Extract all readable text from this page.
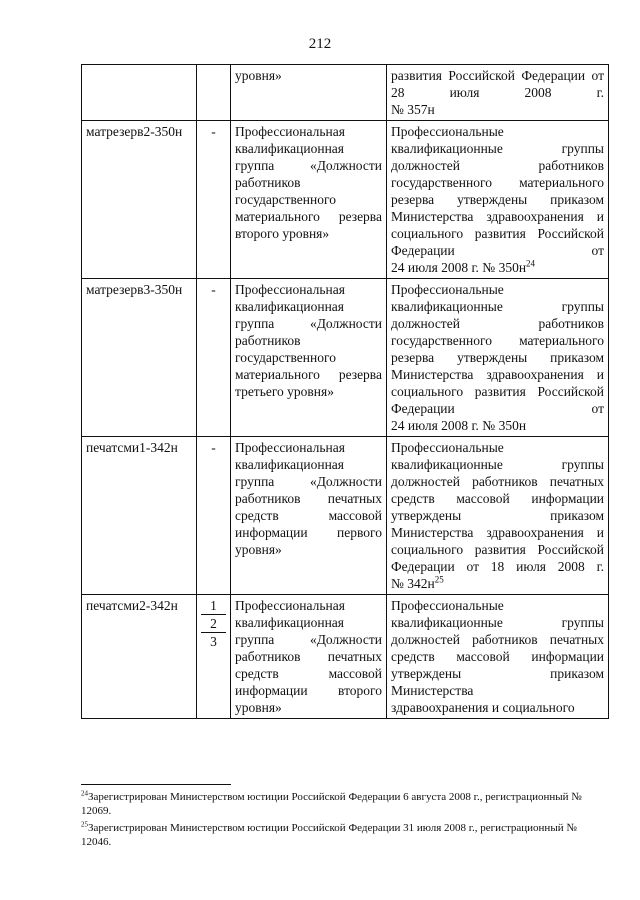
212

		уровня»	развития Российской Федерации от 28 июля 2008 г.
№ 357н

матрезерв2-350н	-	Профессиональная квалификационная группа «Должности работников государственного материального резерва
второго уровня»	Профессиональные квалификационные группы должностей работников государственного материального резерва утверждены приказом Министерства здравоохранения и социального развития Российской Федерации от
24 июля 2008 г. № $350н^{24}$

матрезерв3-350н	-	Профессиональная квалификационная группа «Должности работников государственного материального резерва
третьего уровня»	Профессиональные квалификационные группы должностей работников государственного материального резерва утверждены приказом Министерства здравоохранения и социального развития Российской Федерации от
24 июля 2008 г. № 350н

печатсми1-342н	-	Профессиональная квалификационная группа «Должности работников печатных средств массовой информации первого
уровня»	Профессиональные квалификационные группы должностей работников печатных средств массовой информации утверждены приказом Министерства здравоохранения и социального развития Российской Федерации от 18 июля 2008 г.
№ $342н^{25}$

печатсми2-342н	1
2
3	Профессиональная квалификационная группа «Должности работников печатных средств массовой информации второго
уровня»	Профессиональные квалификационные группы должностей работников печатных средств массовой информации утверждены приказом Министерства
здравоохранения и социального
$^{24}$Зарегистрирован Министерством юстиции Российской Федерации 6 августа 2008 г., регистрационный № 12069.
$^{25}$Зарегистрирован Министерством юстиции Российской Федерации 31 июля 2008 г., регистрационный № 12046.
